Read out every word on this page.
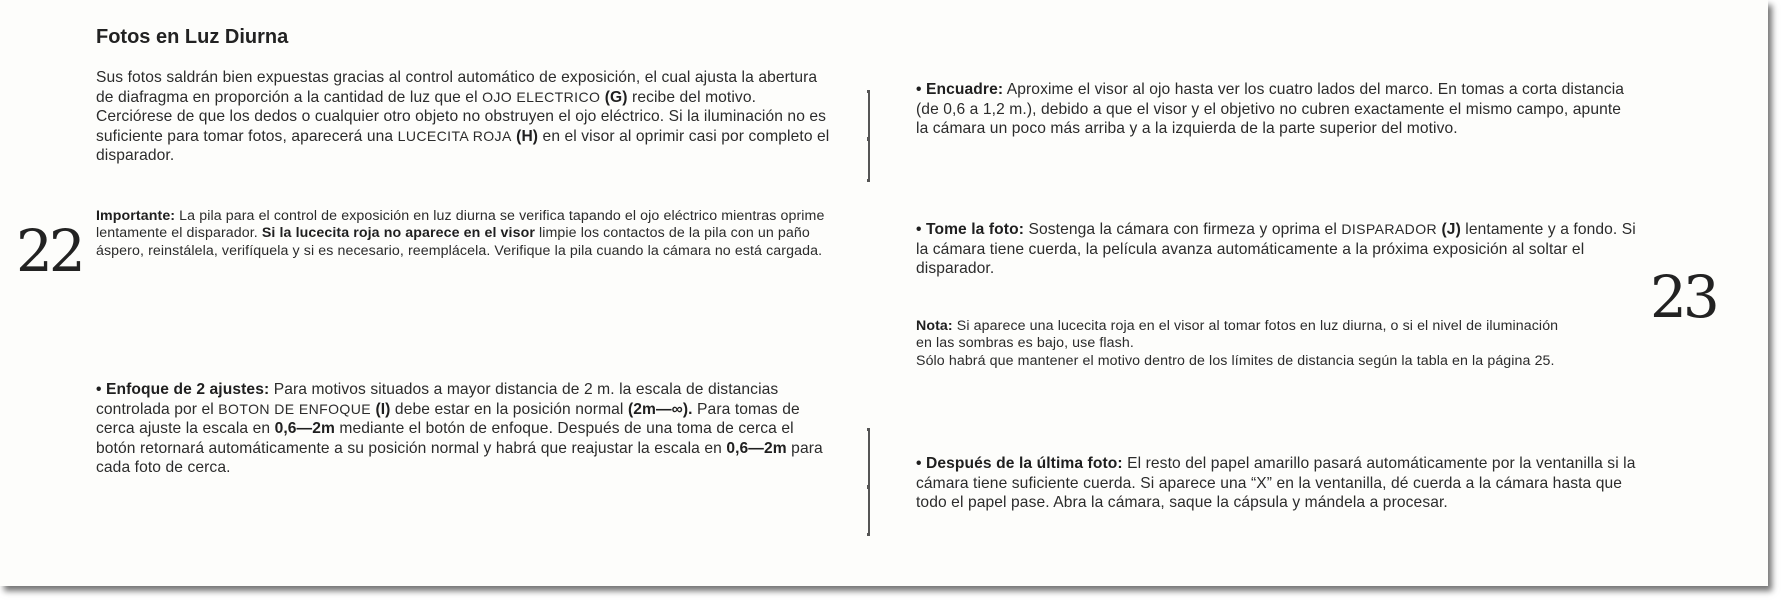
Fotos en Luz Diurna

Sus fotos saldrán bien expuestas gracias al control automático de exposición, el cual ajusta la abertura de diafragma en proporción a la cantidad de luz que el OJO ELECTRICO (G) recibe del motivo. Cerciórese de que los dedos o cualquier otro objeto no obstruyen el ojo eléctrico. Si la iluminación no es suficiente para tomar fotos, aparecerá una LUCECITA ROJA (H) en el visor al oprimir casi por completo el disparador.

22

Importante: La pila para el control de exposición en luz diurna se verifica tapando el ojo eléctrico mientras oprime lentamente el disparador. Si la lucecita roja no aparece en el visor limpie los contactos de la pila con un paño áspero, reinstálela, verifíquela y si es necesario, reemplácela. Verifique la pila cuando la cámara no está cargada.

• Enfoque de 2 ajustes: Para motivos situados a mayor distancia de 2 m. la escala de distancias controlada por el BOTON DE ENFOQUE (I) debe estar en la posición normal (2m—∞). Para tomas de cerca ajuste la escala en 0,6—2m mediante el botón de enfoque. Después de una toma de cerca el botón retornará automáticamente a su posición normal y habrá que reajustar la escala en 0,6—2m para cada foto de cerca.

• Encuadre: Aproxime el visor al ojo hasta ver los cuatro lados del marco. En tomas a corta distancia (de 0,6 a 1,2 m.), debido a que el visor y el objetivo no cubren exactamente el mismo campo, apunte la cámara un poco más arriba y a la izquierda de la parte superior del motivo.

• Tome la foto: Sostenga la cámara con firmeza y oprima el DISPARADOR (J) lentamente y a fondo. Si la cámara tiene cuerda, la película avanza automáticamente a la próxima exposición al soltar el disparador.

Nota: Si aparece una lucecita roja en el visor al tomar fotos en luz diurna, o si el nivel de iluminación en las sombras es bajo, use flash.

Sólo habrá que mantener el motivo dentro de los límites de distancia según la tabla en la página 25.

• Después de la última foto: El resto del papel amarillo pasará automáticamente por la ventanilla si la cámara tiene suficiente cuerda. Si aparece una “X” en la ventanilla, dé cuerda a la cámara hasta que todo el papel pase. Abra la cámara, saque la cápsula y mándela a procesar.

23
